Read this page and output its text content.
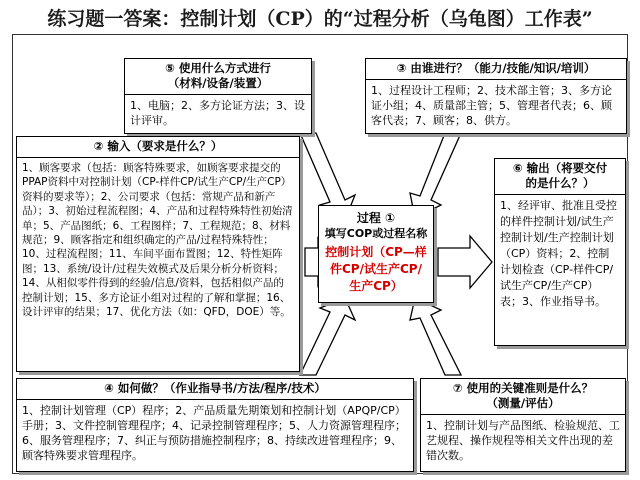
练习题一答案：控制计划（CP）的“过程分析（乌龟图）工作表”
⑤ 使用什么方式进行
（材料/设备/装置）
1、电脑；2、多方论证方法；3、设计评审。
③ 由谁进行？（能力/技能/知识/培训）
1、过程设计工程师；2、技术部主管；3、多方论证小组；4、质量部主管；5、管理者代表；6、顾客代表；7、顾客；8、供方。
② 输入（要求是什么？）
1、顾客要求（包括：顾客特殊要求，如顾客要求提交的PPAP资料中对控制计划（CP-样件CP/试生产CP/生产CP）资料的要求等）；2、公司要求（包括：常规产品和新产品）；3、初始过程流程图；4、产品和过程特殊特性初始清单；5、产品图纸；6、工程图样；7、工程规范；8、材料规范；9、顾客指定和组织确定的产品/过程特殊特性；10、过程流程图；11、车间平面布置图；12、特性矩阵图；13、系统/设计/过程失效模式及后果分析分析资料；14、从相似零件得到的经验/信息/资料，包括相似产品的控制计划；15、多方论证小组对过程的了解和掌握；16、设计评审的结果；17、优化方法（如：QFD，DOE）等。
过程 ①
填写COP或过程名称
控制计划（CP—样件CP/试生产CP/生产CP）
⑥ 输出（将要交付
的是什么？）
1、经评审、批准且受控的样件控制计划/试生产控制计划/生产控制计划（CP）资料；2、控制计划检查（CP-样件CP/试生产CP/生产CP）表；3、作业指导书。
④ 如何做？（作业指导书/方法/程序/技术）
1、控制计划管理（CP）程序；2、产品质量先期策划和控制计划（APQP/CP）手册；3、文件控制管理程序；4、记录控制管理程序；5、人力资源管理程序；6、服务管理程序；7、纠正与预防措施控制程序；8、持续改进管理程序；9、顾客特殊要求管理程序。
⑦ 使用的关键准则是什么？
（测量/评估）
1、控制计划与产品图纸、检验规范、工艺规程、操作规程等相关文件出现的差错次数。
